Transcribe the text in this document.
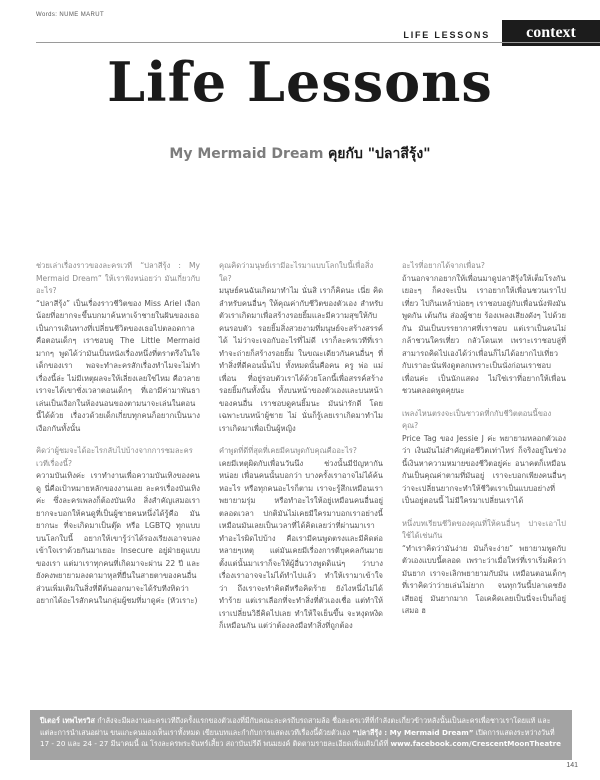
Words: NUME MARUT
LIFE LESSONS	context
Life Lessons
My Mermaid Dream คุยกับ "ปลาสีรุ้ง"

ช่วยเล่าเรื่องราวของละครเวที “ปลาสีรุ้ง : My Mermaid Dream” ให้เราฟังหน่อยว่า มันเกี่ยวกับอะไร?

“ปลาสีรุ้ง” เป็นเรื่องราวชีวิตของ Miss Ariel เงือกน้อยที่อยากจะขึ้นบกมาค้นหาเจ้าชายในฝันของเธอ เป็นการเดินทางที่เปลี่ยนชีวิตของเธอไปตลอดกาล คือตอนเด็กๆ เราชอบดู The Little Mermaid มากๆ พูดได้ว่ามันเป็นหนังเรื่องหนึ่งที่ตราตรึงในใจเด็กของเรา พอจะทำละครสักเรื่องทำไมจะไม่ทำเรื่องนี้ล่ะ ไม่มีเหตุผลจะให้เลี่ยงเลยใช่ไหม คือวลาย เราจะได้เขาชั่งเวลาตอนเด็กๆ ที่เอามีค่ามาพันธาเล่นเป็นเงือกในห้องนอนของตามนาจะเล่นในตอนนี้ได้ด้วย เรื่องวด้วยเด็กเกี่ยบทุกคนก็อยากเป็นนางเงือกกันทั้งนั้น

คิดว่าผู้ชมจะได้อะไรกลับไปบ้างจากการชมละครเวทีเรื่องนี้?

ความบันเทิงค่ะ เราทำงานเพื่อความบันเทิงของคนดู นี่คือเป้าหมายหลักของงานเลย ละครเรื่องบันเทิงค่ะ ซึ่งละครเพลงก็ต้องบันเทิง สิ่งสำคัญเสมอเรายากจะบอกให้คนดูที่เป็นผู้ชายคนหนึ่งได้รู้คือ มันยากนะ ที่จะเกิดมาเป็นตุ๊ด หรือ LGBTQ ทุกแบบ บนโลกใบนี้ อยากให้เขารู้ว่าได้รองเรียงเอาจบลงเข้าใจเราด้วยกันมาเยอะ Insecure อยู่ฝ่ายดูแบบของเรา แต่มาเราทุกคนที่เกิดมาจะผ่าน 22 ปี และยังคงพยายามลงดามาหุลที่ยืนในสายตาของคนอื่น ส่วนเพิ่มเติมในสิ่งที่ดีต้นออกมาจะได้รับทีงทิดว่าอยากได้อะไรสักคนในกลุ่มผู้ชมที่มาดูค่ะ (หัวเราะ)

คุณคิดว่ามนุษย์เรามีอะไรมาแบบโลกใบนี้เพื่อสิ่งใด?

มนุษย์คนฉันเกิดมาทำไม นั่นสิ เราก็คิดนะ เนี่ย คิด ลำหรับคนอื่นๆ ให้คุณค่ากับชีวิตของตัวเอง สำหรับตัวเราเกิดมาเพื่อสร้างรอยยิ้มและมีความสุขให้กับคนรอบตัว รอยยิ้มสิ่งสวยงามที่มนุษย์จะสร้างสรรค์ได้ ไม่ว่าจะเจอกับอะไรที่ไม่ดี เราก็ละครเวทีที่เราทำจะถ่ายก็สร้างรอยยิ้ม ในขณะเดียวกันคนอื่นๆ ที่ทำสิ่งที่ดีคอนนั้นไป ทั้งหมดนั้นคือคน ครู พ่อ แม่ เพื่อน ที่อยู่รอบตัวเราได้ด้วยโลกนี้เพื่อสรรค์สร้างรอยยิ้มกันทั้งนั้น ทั้งบนหน้าของตัวเองและบนหน้าของคนอื่น เราชอบดูคนยิ้มนะ มันน่ารักดี โดยเฉพาะบนหน้าผู้ชาย ไม่ นั่นก็รู้เลยเราเกิดมาทำไม เราเกิดมาเพื่อเป็นผู้หญิง

คำพูดที่ดีที่สุดที่เคยมีคนพูดกับคุณคืออะไร?

เคยมีเหตุผิดกับเพื่อนวันนึง ช่วงนั้นมีปัญหากันหน่อย เพื่อนคนนั้นบอกว่า บางครั้งเราอาจไม่ได้ค้นหอะไร หรือทุกคนอะไรก็ตาม เราจะรู้สึกเหมือนเราพยายามรุ่ม หรือทำอะไรให้อยู่เหมือนคนอื่นอยู่ตลอดเวลา ปกติมันไม่เคยมีใครมาบอกเราอย่างนี้ เหมือนมันเลยเป็นเวลาที่ได้คิดเลยว่าที่ผ่านมาเราทำอะไรผิดไปบ้าง คือเรามีคนพูดตรงและมีคิดต่อหลายๆเหตุ แต่มันเคยมีเรื่องการตีบุคคลกันมาย ตั้งแต่นั้นมาเราก็จะให้ผู้อื่นวางพูดดิแน่ๆ ว่าบางเรื่องเราอาจจะไม่ได้ทำไปแล้ว ทำให้เรามาเข้าใจว่า ถึงเราจะทำคิดดีหรือคิดร้าย ยังไงหนึ่งไม่ได้ทำร้าย แต่เราเลือกที่จะทำสิ่งที่ตัวเองเชื่อ แต่ทำให้เราเปลี่ยนวิธีคิดไปเลย ทำให้ใจเย็นขึ้น จะหงุดหงิดก็เหมือนกัน แต่ว่าต้องลงมือทำสิ่งที่ถูกต้อง

อะไรที่อยากได้จากเพื่อน?

ถ้านอกจากอยากให้เพื่อนมาดูปลาสีรุ้งให้เต็มโรงกันเยอะๆ ก็คงจะเป็น เราอยากให้เพื่อนชวนเราไปเที่ยว ไปกินเหล้าบ่อยๆ เราชอบอยู่กับเพื่อนนั่งฟังมันพูดกัน เต้นกัน ส่องผู้ชาย ร้องเพลงเสียงดังๆ ไปด้วยกัน มันเป็นบรรยากาศที่เราชอบ แต่เราเป็นคนไม่กล้าชวนใครเที่ยว กลัวโดนเท เพราะเราชอบลู่ที่สามารถคิดไปเองได้ว่าเพื่อนก็ไม่ได้อยากไปเที่ยวกับเราอะนั่นฟังดูตลกเพราะเป็นนั่งก่อนเราชอบเพื่อนค่ะ เป็นนักแสดง ไม่ใช่เราที่อยากให้เพื่อนชวนตลอดพูดคุยนะ

เพลงไหนตรงจะเป็นชาวดที่กกับชีวิตตอนนี้ของคุณ?

Price Tag ของ Jessie J ค่ะ พยายามหลอกตัวเองว่า เงินมันไม่สำคัญต่อชีวิตเท่าไหร่ ก็จริงอยู่ในช่วงนี้เงินหาความหมายของชีวิตอยู่ค่ะ อนาคตก็เหมือนกันเป็นคุณค่าตามที่มันอยู่ เราจะบอกเพียงคนอื่นๆ ว่าจะเปลี่ยนยากจะทำให้ชีวิตเราเป็นแบบอย่างที่เป็นอยู่ตอนนี้ ไม่มีใครมาเปลี่ยนเราได้

หนึ่งบทเรียนชีวิตของคุณที่ให้คนอื่นๆ ปาจะเอาไปใช้ได้เช่นกัน

“ทำเราคิดว่ามันง่าย มันก็จะง่าย” พยายามพูดกับตัวเองแบบนี้ตลอด เพราะว่าเมื่อใหร่ที่เราเริ่มคิดว่ามันยาก เราจะเลิกพยายามกับมัน เหมือนตอนเด็กๆ ที่เราคิดว่าว่ายเล่นไม่ยาก จนทุกวันนี้ปลาเดชยังเสียอยู่ มันยากมาก โอเคคิดเลยเป็นนี่จะเป็นก็อยู่เสมอ ฮ

ปีเตอร์ เทพไทรวิส กำลังจะมีผลงานละครเวทีถึงครั้งแรกของตัวเองที่มีกับคณะละครถีบรถสามล้อ ชื่อละครเวทีที่กำลังตะเกี่ยวข้าวหลังนั้นเป็นละครเพื่อชาวเราโดยแท้ และแต่ละการนำเสนอผ่าน ขนแกะคนมองเห็นเราทั้งหมด เขียนบทและกำกับการแสดงเวทีเรื่องนี้ด้วยตัวเอง “ปลาสีรุ้ง : My Mermaid Dream” เปิดการแสดงระหว่างวันที่ 17 - 20 และ 24 - 27 มีนาคมนี้ ณ โรงละครพระจันทร์เสี้ยว สถาบันปรีดี พนมยงค์ ติดตามรายละเอียดเพิ่มเติมได้ที่ www.facebook.com/CrescentMoonTheatre
141
